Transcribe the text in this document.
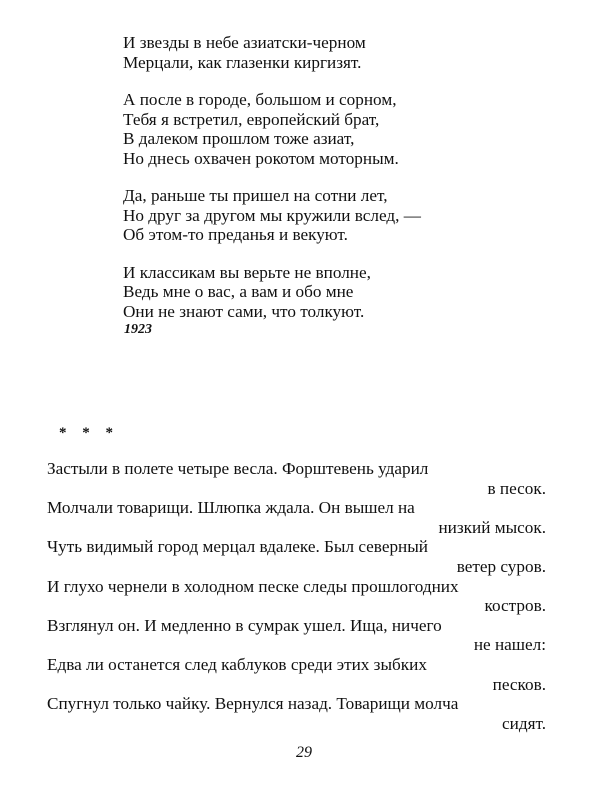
И звезды в небе азиатски-черном
Мерцали, как глазенки киргизят.
А после в городе, большом и сорном,
Тебя я встретил, европейский брат,
В далеком прошлом тоже азиат,
Но днесь охвачен рокотом моторным.
Да, раньше ты пришел на сотни лет,
Но друг за другом мы кружили вслед, —
Об этом-то преданья и векуют.
И классикам вы верьте не вполне,
Ведь мне о вас, а вам и обо мне
Они не знают сами, что толкуют.
1923
* * *
Застыли в полете четыре весла. Форштевень ударил
в песок.
Молчали товарищи. Шлюпка ждала. Он вышел на
низкий мысок.
Чуть видимый город мерцал вдалеке. Был северный
ветер суров.
И глухо чернели в холодном песке следы прошлогодних
костров.
Взглянул он. И медленно в сумрак ушел. Ища, ничего
не нашел:
Едва ли останется след каблуков среди этих зыбких
песков.
Спугнул только чайку. Вернулся назад. Товарищи молча
сидят.
29
